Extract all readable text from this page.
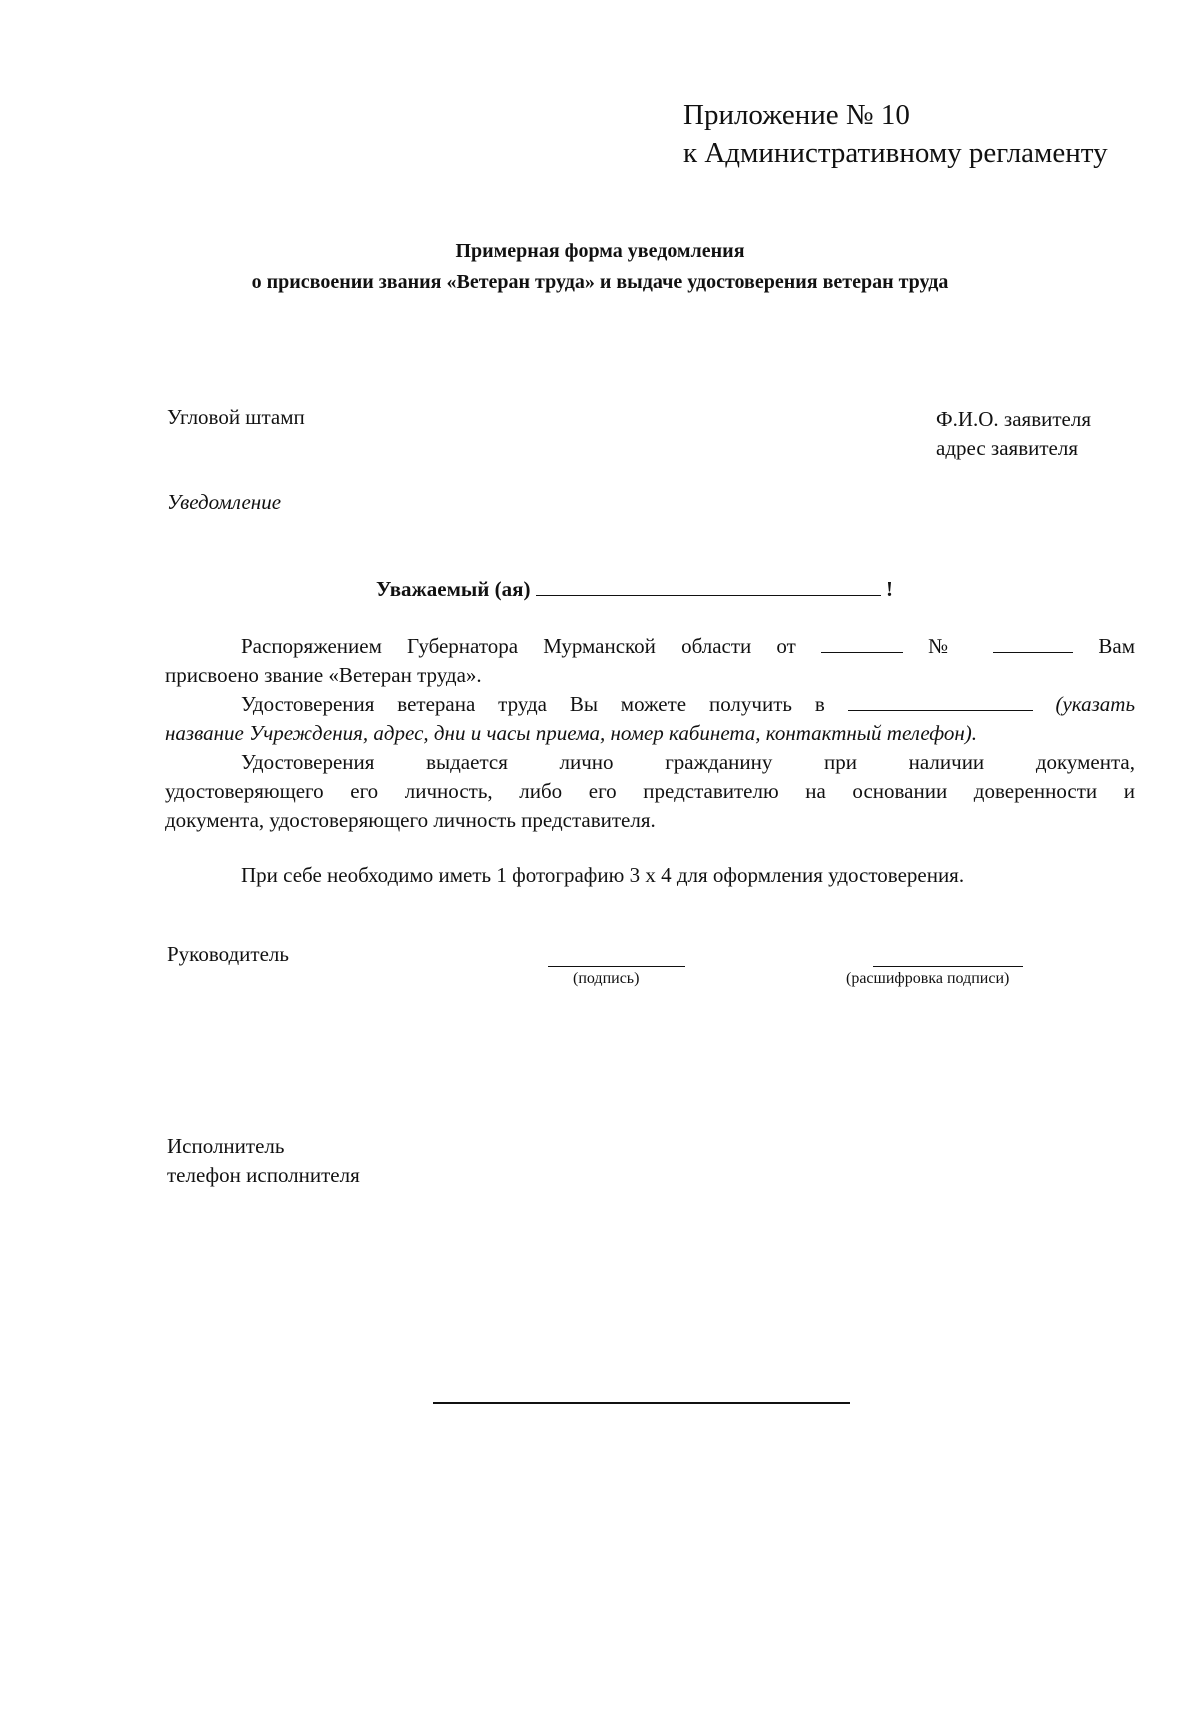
Приложение № 10
к Административному регламенту
Примерная форма уведомления
о присвоении звания «Ветеран труда» и выдаче удостоверения ветеран труда
Угловой штамп	Ф.И.О. заявителя
адрес заявителя
Уведомление
Уважаемый (ая)	!
Распоряжением Губернатора Мурманской области от	№	Вам
присвоено звание «Ветеран труда».
Удостоверения ветерана труда Вы можете получить в	(указать
название Учреждения, адрес, дни и часы приема, номер кабинета, контактный телефон).
Удостоверения выдается лично гражданину при наличии документа,
удостоверяющего его личность, либо его представителю на основании доверенности и
документа, удостоверяющего личность представителя.
При себе необходимо иметь 1 фотографию 3 х 4 для оформления удостоверения.
Руководитель
(подпись)	(расшифровка подписи)
Исполнитель
телефон исполнителя
